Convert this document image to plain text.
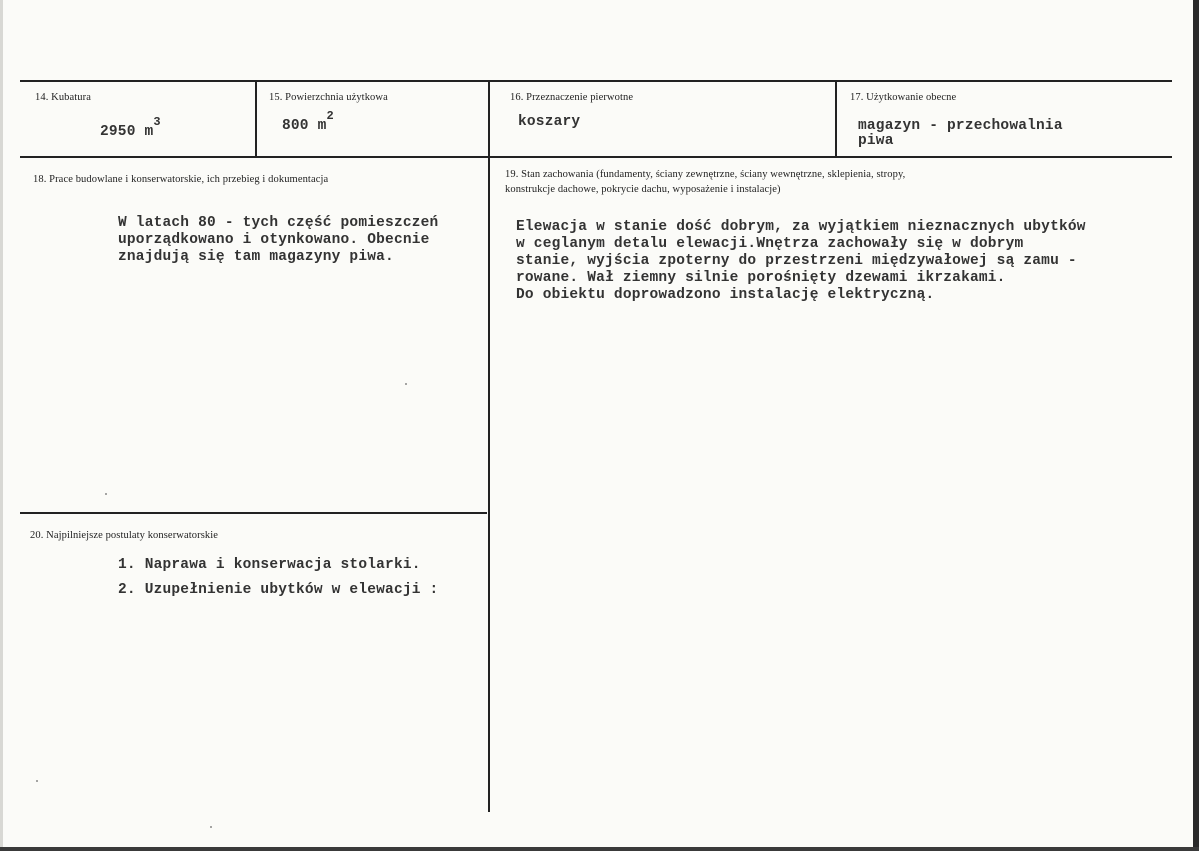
14. Kubatura
2950 $m^3$
15. Powierzchnia użytkowa
800 $m^2$
16. Przeznaczenie pierwotne
koszary
17. Użytkowanie obecne
magazyn - przechowalnia
piwa
18. Prace budowlane i konserwatorskie, ich przebieg i dokumentacja
W latach 80 - tych część pomieszczeń
uporządkowano i otynkowano. Obecnie
znajdują się tam magazyny piwa.
19. Stan zachowania (fundamenty, ściany zewnętrzne, ściany wewnętrzne, sklepienia, stropy,
konstrukcje dachowe, pokrycie dachu, wyposażenie i instalacje)
Elewacja w stanie dość dobrym, za wyjątkiem nieznacznych ubytków
w ceglanym detalu elewacji.Wnętrza zachowały się w dobrym
stanie, wyjścia zpoterny do przestrzeni międzywałowej są zamu -
rowane. Wał ziemny silnie porośnięty dzewami ikrzakami.
Do obiektu doprowadzono instalację elektryczną.
20. Najpilniejsze postulaty konserwatorskie
1. Naprawa i konserwacja stolarki.
2. Uzupełnienie ubytków w elewacji :
